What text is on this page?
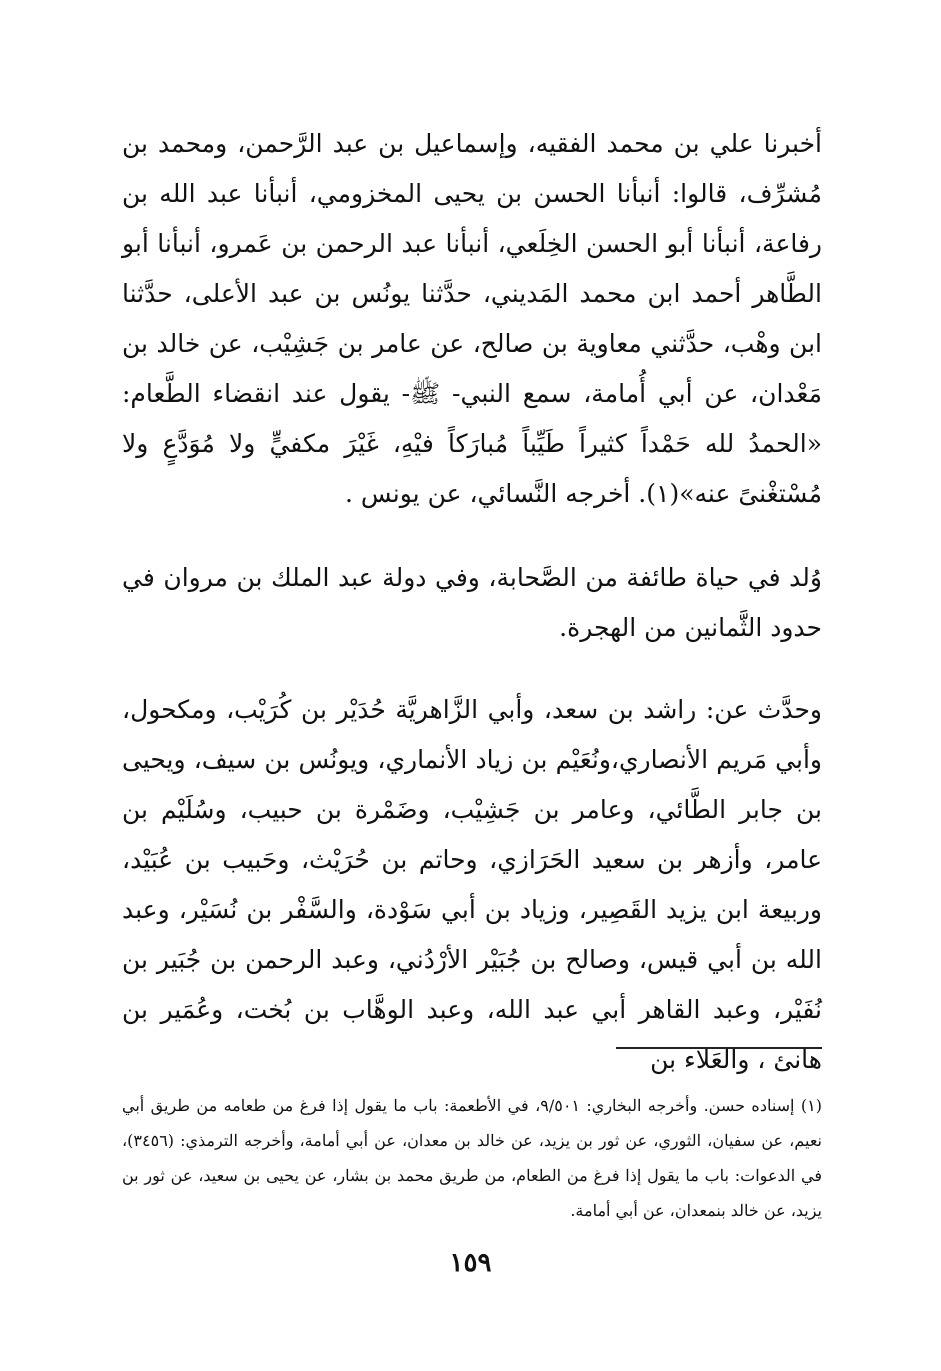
أخبرنا علي بن محمد الفقيه، وإسماعيل بن عبد الرَّحمن، ومحمد بن مُشرِّف، قالوا: أنبأنا الحسن بن يحيى المخزومي، أنبأنا عبد الله بن رفاعة، أنبأنا أبو الحسن الخِلَعي، أنبأنا عبد الرحمن بن عَمرو، أنبأنا أبو الطَّاهر أحمد ابن محمد المَديني، حدَّثنا يونُس بن عبد الأعلى، حدَّثنا ابن وهْب، حدَّثني معاوية بن صالح، عن عامر بن جَشِيْب، عن خالد بن مَعْدان، عن أبي أُمامة، سمع النبي- ﷺ- يقول عند انقضاء الطَّعام: «الحمدُ لله حَمْداً كثيراً طَيِّباً مُبارَكاً فيْهِ، غَيْرَ مكفيٍّ ولا مُوَدَّعٍ ولا مُسْتغْنىً عنه»(١). أخرجه النَّسائي، عن يونس .

وُلد في حياة طائفة من الصَّحابة، وفي دولة عبد الملك بن مروان في حدود الثَّمانين من الهجرة.

وحدَّث عن: راشد بن سعد، وأبي الزَّاهريَّة حُدَيْر بن كُرَيْب، ومكحول، وأبي مَريم الأنصاري،ونُعَيْم بن زياد الأنماري، ويونُس بن سيف، ويحيى بن جابر الطَّائي، وعامر بن جَشِيْب، وضَمْرة بن حبيب، وسُلَيْم بن عامر، وأزهر بن سعيد الحَرَازي، وحاتم بن حُرَيْث، وحَبيب بن عُبَيْد، وربيعة ابن يزيد القَصِير، وزياد بن أبي سَوْدة، والسَّفْر بن نُسَيْر، وعبد الله بن أبي قيس، وصالح بن جُبَيْر الأرْدُني، وعبد الرحمن بن جُبَير بن نُفَيْر، وعبد القاهر أبي عبد الله، وعبد الوهَّاب بن بُخت، وعُمَير بن هانئ ، والعَلاء بن

(١) إسناده حسن. وأخرجه البخاري: ٩/٥٠١، في الأطعمة: باب ما يقول إذا فرغ من طعامه من طريق أبي نعيم، عن سفيان، الثوري، عن ثور بن يزيد، عن خالد بن معدان، عن أبي أمامة، وأخرجه الترمذي: (٣٤٥٦)، في الدعوات: باب ما يقول إذا فرغ من الطعام، من طريق محمد بن بشار، عن يحيى بن سعيد، عن ثور بن يزيد، عن خالد بنمعدان، عن أبي أمامة.

١٥٩
